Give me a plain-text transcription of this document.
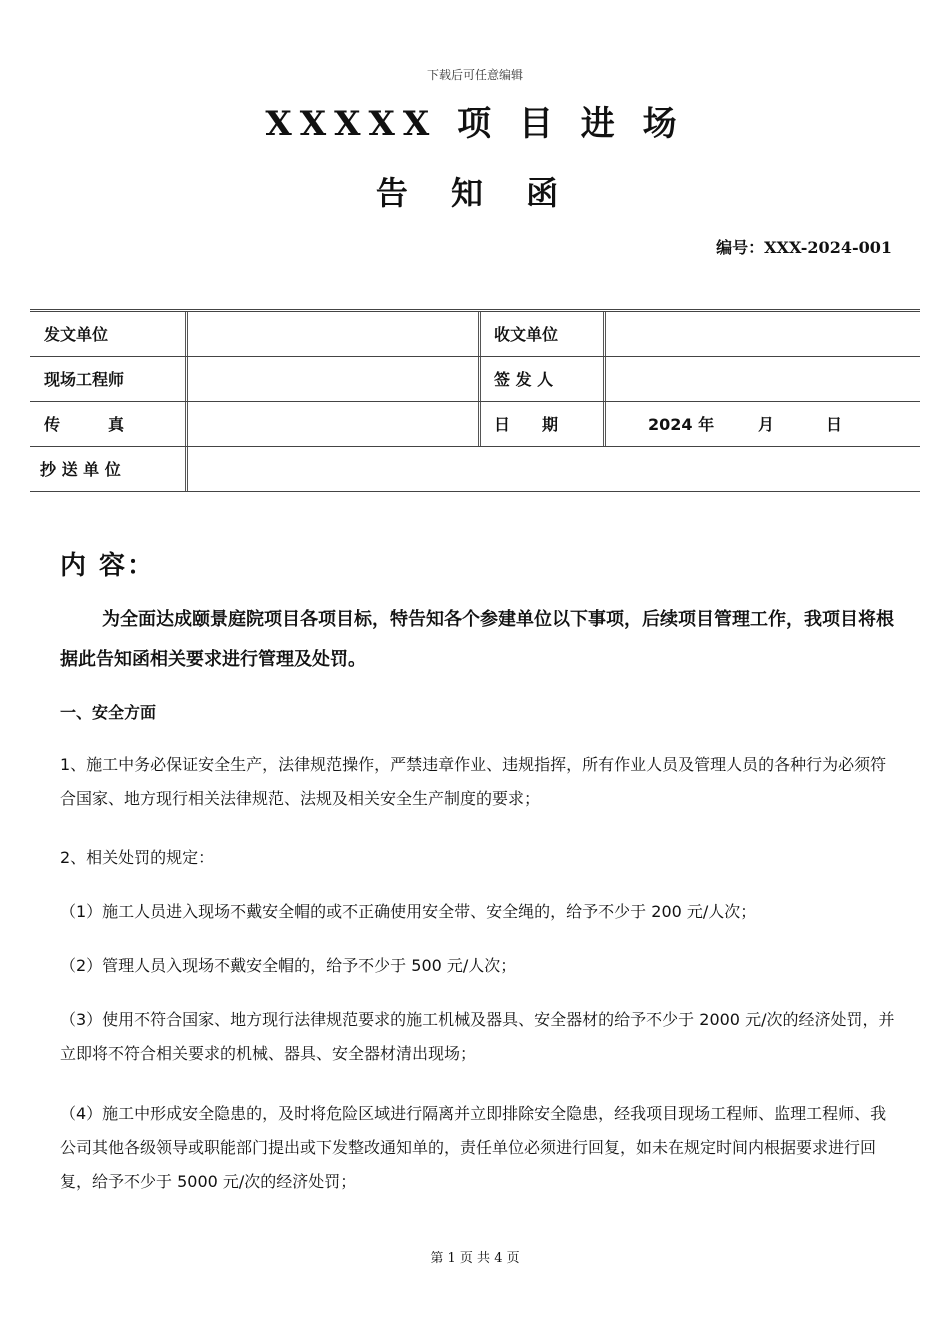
下载后可任意编辑
XXXXX 项 目 进 场
告 知 函
编号：XXX-2024-001
发文单位	收文单位
现场工程师	签 发 人
传　　　真	日　　期	2024 年	月	日
抄 送 单 位
内 容：
为全面达成颐景庭院项目各项目标，特告知各个参建单位以下事项，后续项目管理工作，我项目将根据此告知函相关要求进行管理及处罚。
一、安全方面
1、施工中务必保证安全生产，法律规范操作，严禁违章作业、违规指挥，所有作业人员及管理人员的各种行为必须符合国家、地方现行相关法律规范、法规及相关安全生产制度的要求；
2、相关处罚的规定：
（1）施工人员进入现场不戴安全帽的或不正确使用安全带、安全绳的，给予不少于 200 元/人次；
（2）管理人员入现场不戴安全帽的，给予不少于 500 元/人次；
（3）使用不符合国家、地方现行法律规范要求的施工机械及器具、安全器材的给予不少于 2000 元/次的经济处罚，并立即将不符合相关要求的机械、器具、安全器材清出现场；
（4）施工中形成安全隐患的，及时将危险区域进行隔离并立即排除安全隐患，经我项目现场工程师、监理工程师、我公司其他各级领导或职能部门提出或下发整改通知单的，责任单位必须进行回复，如未在规定时间内根据要求进行回复，给予不少于 5000 元/次的经济处罚；
第 1 页 共 4 页
